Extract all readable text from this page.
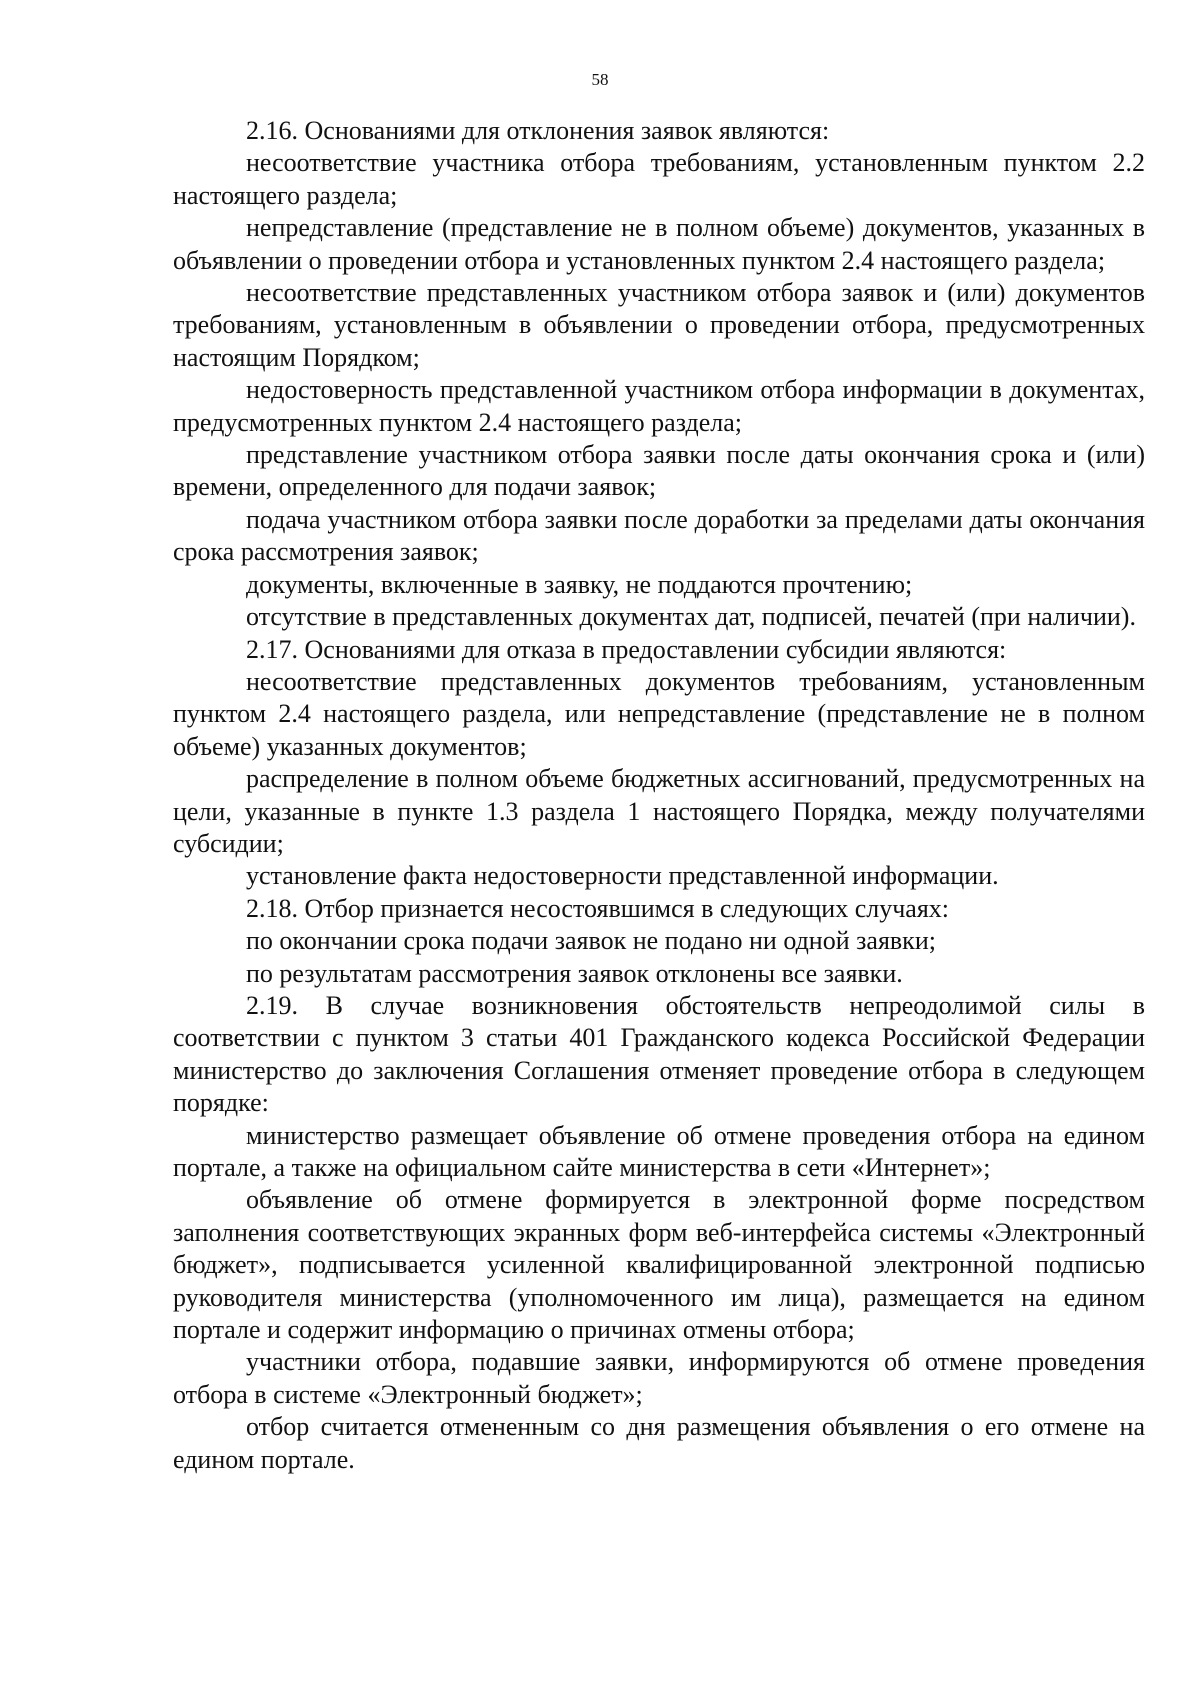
58

2.16. Основаниями для отклонения заявок являются:

несоответствие участника отбора требованиям, установленным пунктом 2.2 настоящего раздела;

непредставление (представление не в полном объеме) документов, указанных в объявлении о проведении отбора и установленных пунктом 2.4 настоящего раздела;

несоответствие представленных участником отбора заявок и (или) документов требованиям, установленным в объявлении о проведении отбора, предусмотренных настоящим Порядком;

недостоверность представленной участником отбора информации в документах, предусмотренных пунктом 2.4 настоящего раздела;

представление участником отбора заявки после даты окончания срока и (или) времени, определенного для подачи заявок;

подача участником отбора заявки после доработки за пределами даты окончания срока рассмотрения заявок;

документы, включенные в заявку, не поддаются прочтению;

отсутствие в представленных документах дат, подписей, печатей (при наличии).

2.17. Основаниями для отказа в предоставлении субсидии являются:

несоответствие представленных документов требованиям, установленным пунктом 2.4 настоящего раздела, или непредставление (представление не в полном объеме) указанных документов;

распределение в полном объеме бюджетных ассигнований, предусмотренных на цели, указанные в пункте 1.3 раздела 1 настоящего Порядка, между получателями субсидии;

установление факта недостоверности представленной информации.

2.18. Отбор признается несостоявшимся в следующих случаях:

по окончании срока подачи заявок не подано ни одной заявки;

по результатам рассмотрения заявок отклонены все заявки.

2.19. В случае возникновения обстоятельств непреодолимой силы в соответствии с пунктом 3 статьи 401 Гражданского кодекса Российской Федерации министерство до заключения Соглашения отменяет проведение отбора в следующем порядке:

министерство размещает объявление об отмене проведения отбора на едином портале, а также на официальном сайте министерства в сети «Интернет»;

объявление об отмене формируется в электронной форме посредством заполнения соответствующих экранных форм веб-интерфейса системы «Электронный бюджет», подписывается усиленной квалифицированной электронной подписью руководителя министерства (уполномоченного им лица), размещается на едином портале и содержит информацию о причинах отмены отбора;

участники отбора, подавшие заявки, информируются об отмене проведения отбора в системе «Электронный бюджет»;

отбор считается отмененным со дня размещения объявления о его отмене на едином портале.
